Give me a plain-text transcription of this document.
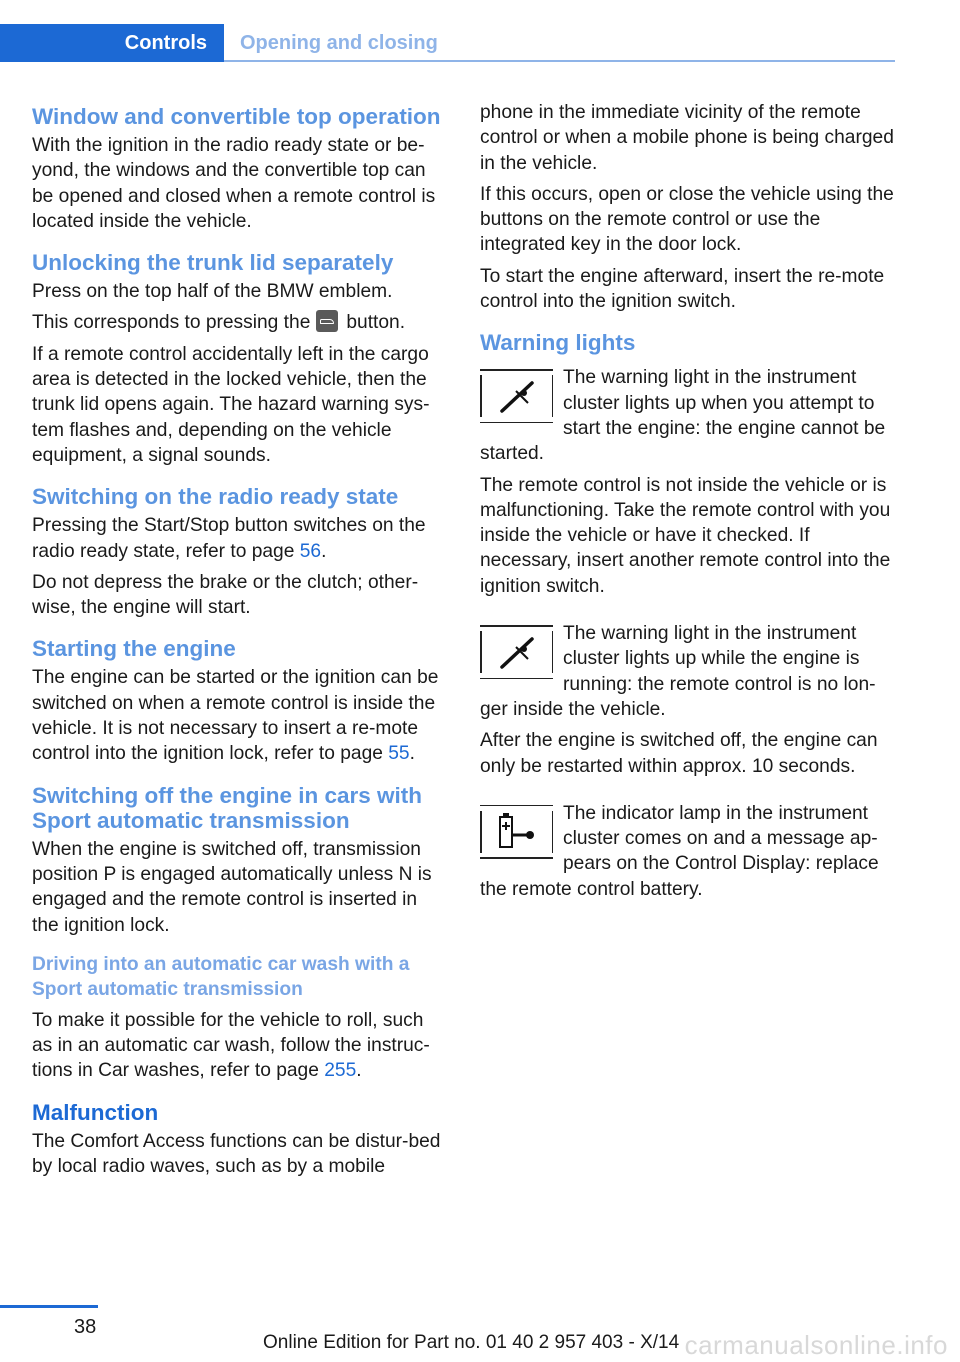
Controls	Opening and closing
Window and convertible top operation

With the ignition in the radio ready state or be-yond, the windows and the convertible top can be opened and closed when a remote control is located inside the vehicle.

Unlocking the trunk lid separately

Press on the top half of the BMW emblem.

This corresponds to pressing the button.

If a remote control accidentally left in the cargo area is detected in the locked vehicle, then the trunk lid opens again. The hazard warning sys-tem flashes and, depending on the vehicle equipment, a signal sounds.

Switching on the radio ready state

Pressing the Start/Stop button switches on the radio ready state, refer to page 56.

Do not depress the brake or the clutch; other-wise, the engine will start.

Starting the engine

The engine can be started or the ignition can be switched on when a remote control is inside the vehicle. It is not necessary to insert a re-mote control into the ignition lock, refer to page 55.

Switching off the engine in cars with Sport automatic transmission

When the engine is switched off, transmission position P is engaged automatically unless N is engaged and the remote control is inserted in the ignition lock.

Driving into an automatic car wash with a Sport automatic transmission

To make it possible for the vehicle to roll, such as in an automatic car wash, follow the instruc-tions in Car washes, refer to page 255.

Malfunction

The Comfort Access functions can be distur-bed by local radio waves, such as by a mobile

phone in the immediate vicinity of the remote control or when a mobile phone is being charged in the vehicle.

If this occurs, open or close the vehicle using the buttons on the remote control or use the integrated key in the door lock.

To start the engine afterward, insert the re-mote control into the ignition switch.

Warning lights

The warning light in the instrument cluster lights up when you attempt to start the engine: the engine cannot be started.

The remote control is not inside the vehicle or is malfunctioning. Take the remote control with you inside the vehicle or have it checked. If necessary, insert another remote control into the ignition switch.

The warning light in the instrument cluster lights up while the engine is running: the remote control is no lon-ger inside the vehicle.

After the engine is switched off, the engine can only be restarted within approx. 10 seconds.

The indicator lamp in the instrument cluster comes on and a message ap-pears on the Control Display: replace the remote control battery.

38
Online Edition for Part no. 01 40 2 957 403 - X/14 carmanualsonline.info
